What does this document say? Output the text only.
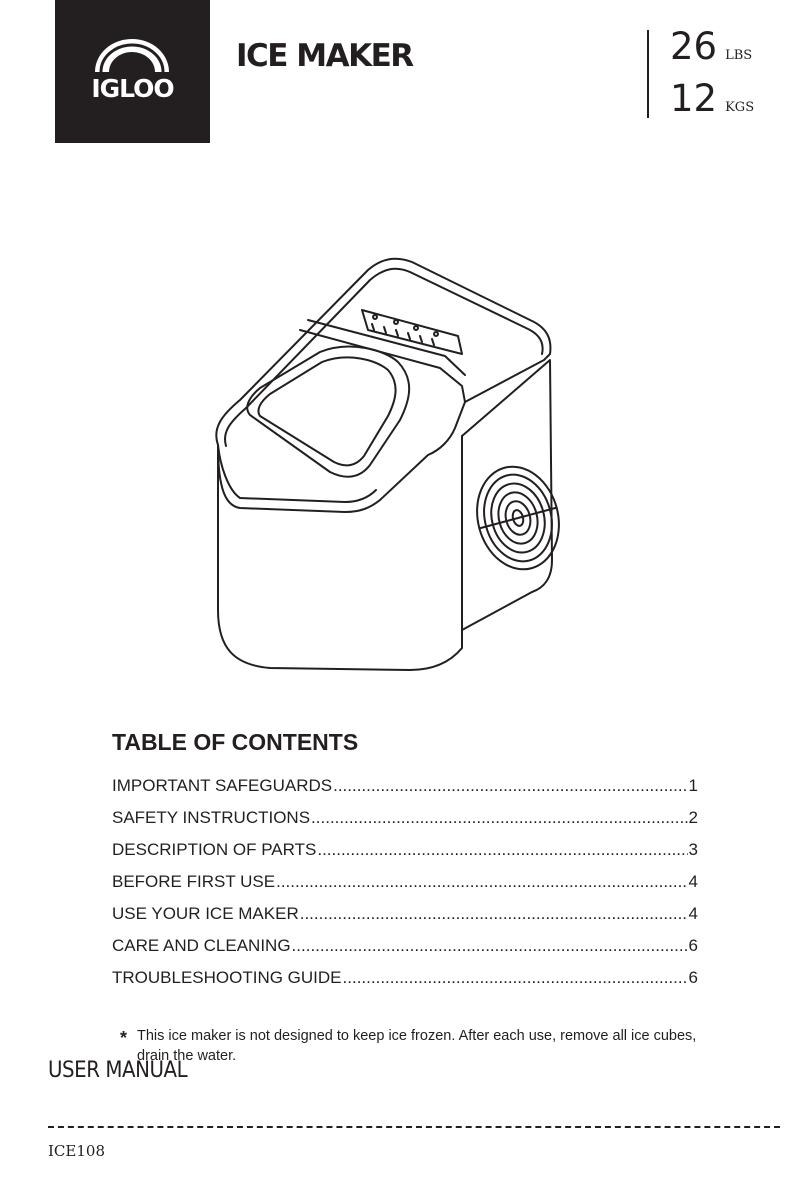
IGLOO
ICE MAKER	26 LBS
12 KGS
TABLE OF CONTENTS
IMPORTANT SAFEGUARDS .....	1
SAFETY INSTRUCTIONS .....	2
DESCRIPTION OF PARTS .....	3
BEFORE FIRST USE .....	4
USE YOUR ICE MAKER .....	4
CARE AND CLEANING .....	6
TROUBLESHOOTING GUIDE .....	6
* This ice maker is not designed to keep ice frozen. After each use, remove all ice cubes, drain the water.
USER MANUAL
ICE108
